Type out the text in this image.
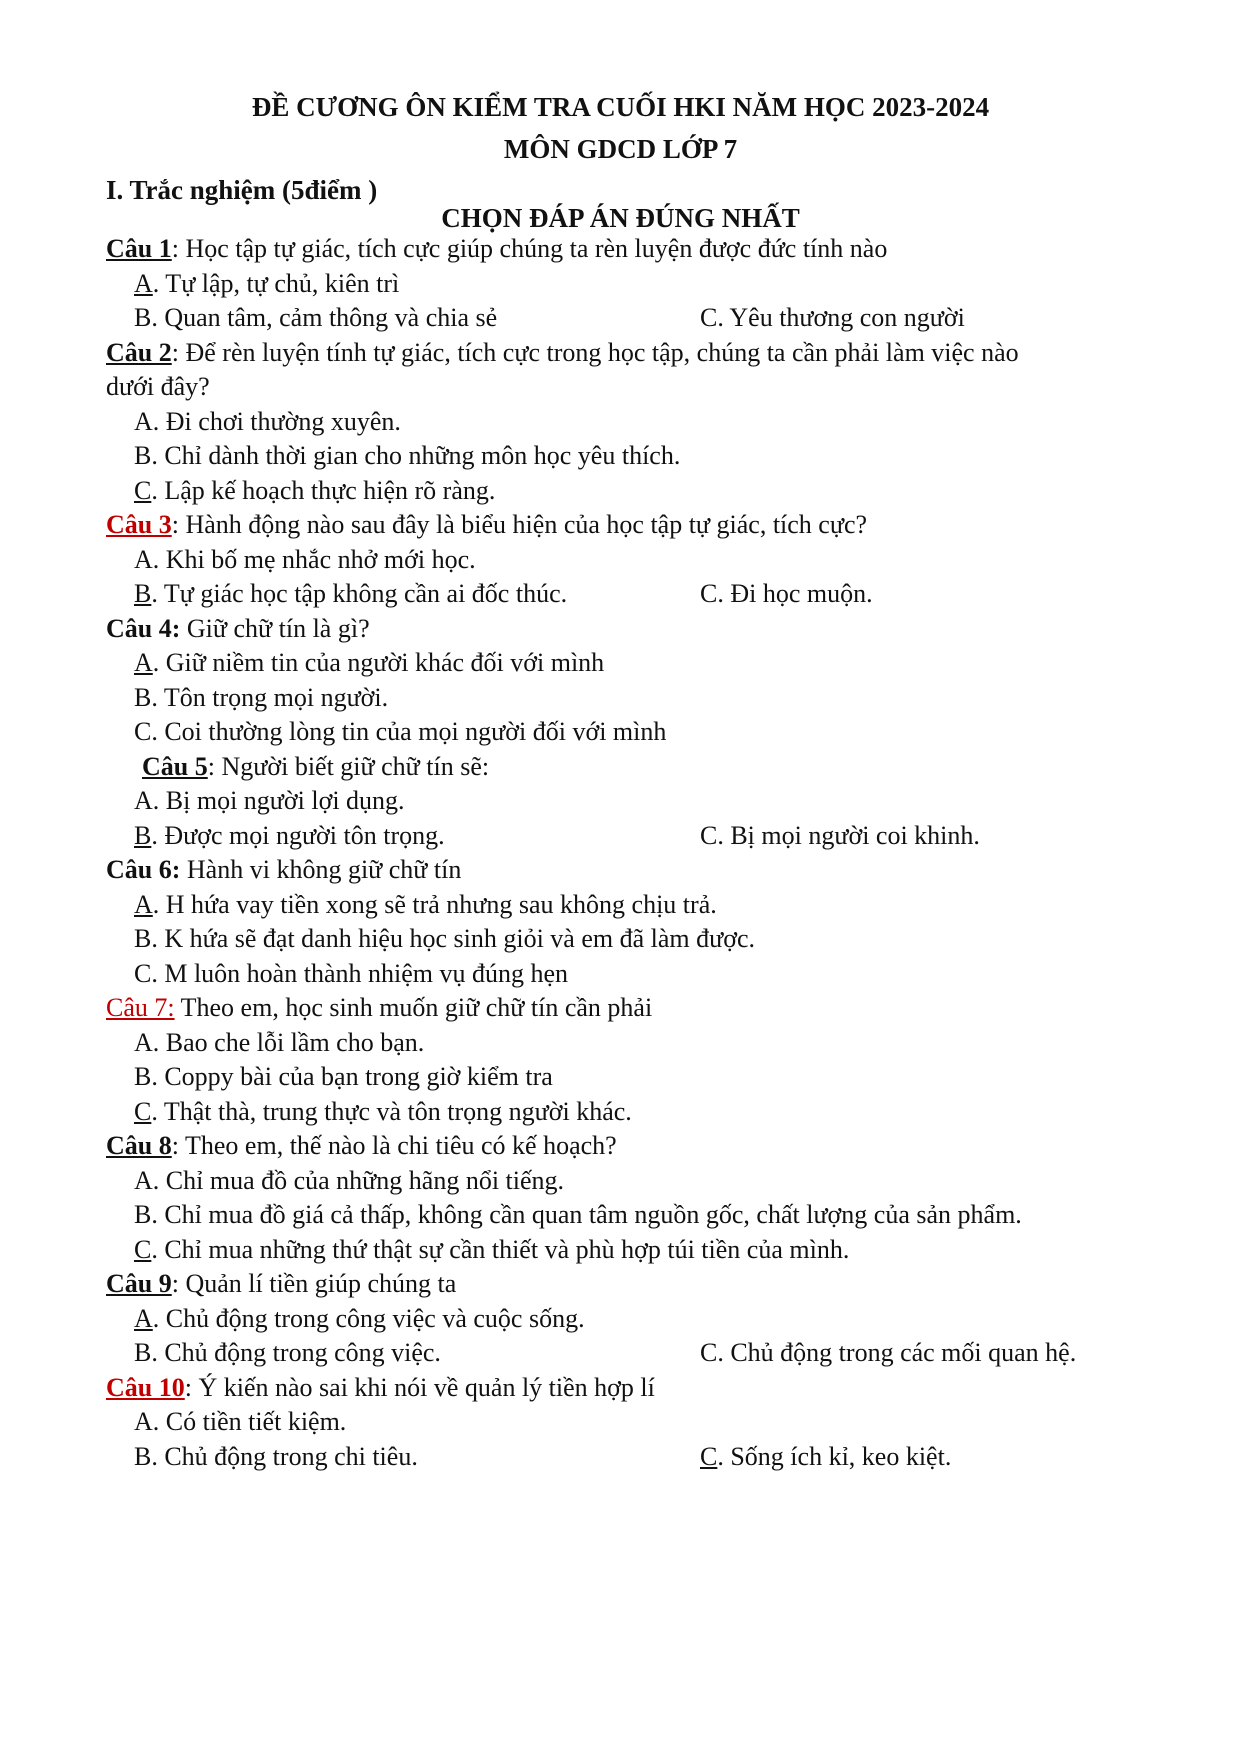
ĐỀ CƯƠNG ÔN KIỂM TRA CUỐI HKI NĂM HỌC 2023-2024
MÔN GDCD LỚP 7
I. Trắc nghiệm (5điểm )
CHỌN ĐÁP ÁN ĐÚNG NHẤT
Câu 1: Học tập tự giác, tích cực giúp chúng ta rèn luyện được đức tính nào
A. Tự lập, tự chủ, kiên trì
B. Quan tâm, cảm thông và chia sẻ	C. Yêu thương con người
Câu 2: Để rèn luyện tính tự giác, tích cực trong học tập, chúng ta cần phải làm việc nào
dưới đây?
A. Đi chơi thường xuyên.
B. Chỉ dành thời gian cho những môn học yêu thích.
C. Lập kế hoạch thực hiện rõ ràng.
Câu 3: Hành động nào sau đây là biểu hiện của học tập tự giác, tích cực?
A. Khi bố mẹ nhắc nhở mới học.
B. Tự giác học tập không cần ai đốc thúc.	C. Đi học muộn.
Câu 4: Giữ chữ tín là gì?
A. Giữ niềm tin của người khác đối với mình
B. Tôn trọng mọi người.
C. Coi thường lòng tin của mọi người đối với mình
Câu 5: Người biết giữ chữ tín sẽ:
A. Bị mọi người lợi dụng.
B. Được mọi người tôn trọng.	C. Bị mọi người coi khinh.
Câu 6: Hành vi không giữ chữ tín
A. H hứa vay tiền xong sẽ trả nhưng sau không chịu trả.
B. K hứa sẽ đạt danh hiệu học sinh giỏi và em đã làm được.
C. M luôn hoàn thành nhiệm vụ đúng hẹn
Câu 7: Theo em, học sinh muốn giữ chữ tín cần phải
A. Bao che lỗi lầm cho bạn.
B. Coppy bài của bạn trong giờ kiểm tra
C. Thật thà, trung thực và tôn trọng người khác.
Câu 8: Theo em, thế nào là chi tiêu có kế hoạch?
A. Chỉ mua đồ của những hãng nổi tiếng.
B. Chỉ mua đồ giá cả thấp, không cần quan tâm nguồn gốc, chất lượng của sản phẩm.
C. Chỉ mua những thứ thật sự cần thiết và phù hợp túi tiền của mình.
Câu 9: Quản lí tiền giúp chúng ta
A. Chủ động trong công việc và cuộc sống.
B. Chủ động trong công việc.	C. Chủ động trong các mối quan hệ.
Câu 10: Ý kiến nào sai khi nói về quản lý tiền hợp lí
A. Có tiền tiết kiệm.
B. Chủ động trong chi tiêu.	C. Sống ích kỉ, keo kiệt.
